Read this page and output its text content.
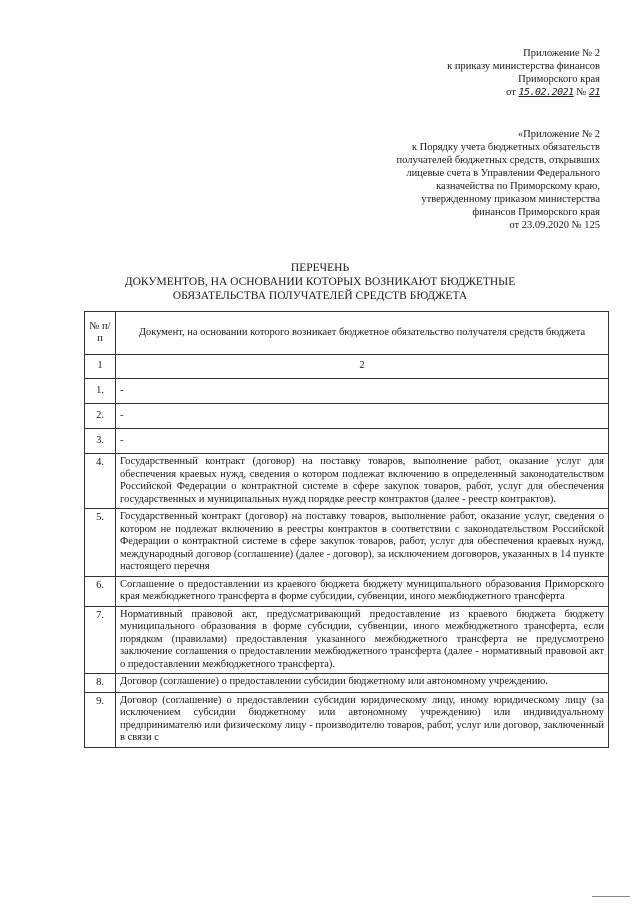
Приложение № 2
к приказу министерства финансов
Приморского края
от 15.02.2021 № 21
«Приложение № 2
к Порядку учета бюджетных обязательств
получателей бюджетных средств, открывших
лицевые счета в Управлении Федерального
казначейства по Приморскому краю,
утвержденному приказом министерства
финансов Приморского края
от 23.09.2020 № 125
ПЕРЕЧЕНЬ
ДОКУМЕНТОВ, НА ОСНОВАНИИ КОТОРЫХ ВОЗНИКАЮТ БЮДЖЕТНЫЕ
ОБЯЗАТЕЛЬСТВА ПОЛУЧАТЕЛЕЙ СРЕДСТВ БЮДЖЕТА
№ п/п	Документ, на основании которого возникает бюджетное обязательство получателя средств бюджета
1	2
1.	-
2.	-
3.	-
4.	Государственный контракт (договор) на поставку товаров, выполнение работ, оказание услуг для обеспечения краевых нужд, сведения о котором подлежат включению в определенный законодательством Российской Федерации о контрактной системе в сфере закупок товаров, работ, услуг для обеспечения государственных и муниципальных нужд порядке реестр контрактов (далее - реестр контрактов).
5.	Государственный контракт (договор) на поставку товаров, выполнение работ, оказание услуг, сведения о котором не подлежат включению в реестры контрактов в соответствии с законодательством Российской Федерации о контрактной системе в сфере закупок товаров, работ, услуг для обеспечения краевых нужд, международный договор (соглашение) (далее - договор), за исключением договоров, указанных в 14 пункте настоящего перечня
6.	Соглашение о предоставлении из краевого бюджета бюджету муниципального образования Приморского края межбюджетного трансферта в форме субсидии, субвенции, иного межбюджетного трансферта
7.	Нормативный правовой акт, предусматривающий предоставление из краевого бюджета бюджету муниципального образования в форме субсидии, субвенции, иного межбюджетного трансферта, если порядком (правилами) предоставления указанного межбюджетного трансферта не предусмотрено заключение соглашения о предоставлении межбюджетного трансферта (далее - нормативный правовой акт о предоставлении межбюджетного трансферта).
8.	Договор (соглашение) о предоставлении субсидии бюджетному или автономному учреждению.
9.	Договор (соглашение) о предоставлении субсидии юридическому лицу, иному юридическому лицу (за исключением субсидии бюджетному или автономному учреждению) или индивидуальному предпринимателю или физическому лицу - производителю товаров, работ, услуг или договор, заключенный в связи с
